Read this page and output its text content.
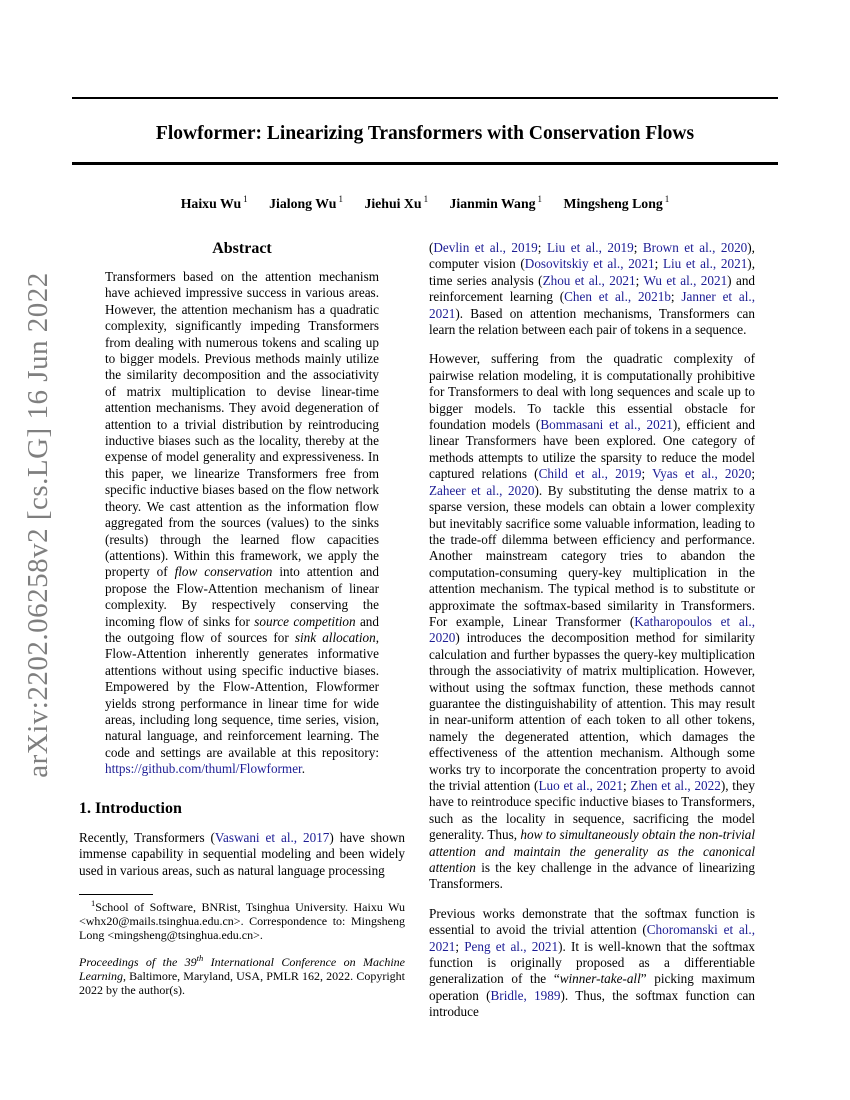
arXiv:2202.06258v2 [cs.LG] 16 Jun 2022
Flowformer: Linearizing Transformers with Conservation Flows
Haixu Wu $^1$ Jialong Wu $^1$ Jiehui Xu $^1$ Jianmin Wang $^1$ Mingsheng Long $^1$
Abstract

Transformers based on the attention mechanism have achieved impressive success in various areas. However, the attention mechanism has a quadratic complexity, significantly impeding Transformers from dealing with numerous tokens and scaling up to bigger models. Previous methods mainly utilize the similarity decomposition and the associativity of matrix multiplication to devise linear-time attention mechanisms. They avoid degeneration of attention to a trivial distribution by reintroducing inductive biases such as the locality, thereby at the expense of model generality and expressiveness. In this paper, we linearize Transformers free from specific inductive biases based on the flow network theory. We cast attention as the information flow aggregated from the sources (values) to the sinks (results) through the learned flow capacities (attentions). Within this framework, we apply the property of flow conservation into attention and propose the Flow-Attention mechanism of linear complexity. By respectively conserving the incoming flow of sinks for source competition and the outgoing flow of sources for sink allocation, Flow-Attention inherently generates informative attentions without using specific inductive biases. Empowered by the Flow-Attention, Flowformer yields strong performance in linear time for wide areas, including long sequence, time series, vision, natural language, and reinforcement learning. The code and settings are available at this repository: https://github.com/thuml/Flowformer.

1. Introduction

Recently, Transformers (Vaswani et al., 2017) have shown immense capability in sequential modeling and been widely used in various areas, such as natural language processing

$^1$School of Software, BNRist, Tsinghua University. Haixu Wu <whx20@mails.tsinghua.edu.cn>. Correspondence to: Mingsheng Long <mingsheng@tsinghua.edu.cn>.

Proceedings of the 39th International Conference on Machine Learning, Baltimore, Maryland, USA, PMLR 162, 2022. Copyright 2022 by the author(s).

(Devlin et al., 2019; Liu et al., 2019; Brown et al., 2020), computer vision (Dosovitskiy et al., 2021; Liu et al., 2021), time series analysis (Zhou et al., 2021; Wu et al., 2021) and reinforcement learning (Chen et al., 2021b; Janner et al., 2021). Based on attention mechanisms, Transformers can learn the relation between each pair of tokens in a sequence.

However, suffering from the quadratic complexity of pairwise relation modeling, it is computationally prohibitive for Transformers to deal with long sequences and scale up to bigger models. To tackle this essential obstacle for foundation models (Bommasani et al., 2021), efficient and linear Transformers have been explored. One category of methods attempts to utilize the sparsity to reduce the model captured relations (Child et al., 2019; Vyas et al., 2020; Zaheer et al., 2020). By substituting the dense matrix to a sparse version, these models can obtain a lower complexity but inevitably sacrifice some valuable information, leading to the trade-off dilemma between efficiency and performance. Another mainstream category tries to abandon the computation-consuming query-key multiplication in the attention mechanism. The typical method is to substitute or approximate the softmax-based similarity in Transformers. For example, Linear Transformer (Katharopoulos et al., 2020) introduces the decomposition method for similarity calculation and further bypasses the query-key multiplication through the associativity of matrix multiplication. However, without using the softmax function, these methods cannot guarantee the distinguishability of attention. This may result in near-uniform attention of each token to all other tokens, namely the degenerated attention, which damages the effectiveness of the attention mechanism. Although some works try to incorporate the concentration property to avoid the trivial attention (Luo et al., 2021; Zhen et al., 2022), they have to reintroduce specific inductive biases to Transformers, such as the locality in sequence, sacrificing the model generality. Thus, how to simultaneously obtain the non-trivial attention and maintain the generality as the canonical attention is the key challenge in the advance of linearizing Transformers.

Previous works demonstrate that the softmax function is essential to avoid the trivial attention (Choromanski et al., 2021; Peng et al., 2021). It is well-known that the softmax function is originally proposed as a differentiable generalization of the “winner-take-all” picking maximum operation (Bridle, 1989). Thus, the softmax function can introduce
